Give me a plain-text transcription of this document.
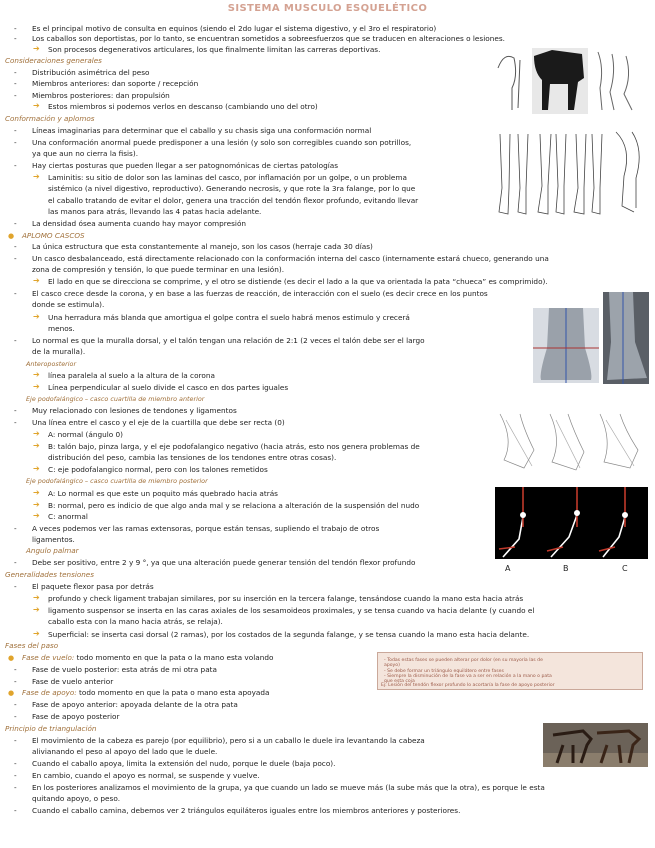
SISTEMA MUSCULO ESQUELÉTICO
- Es el principal motivo de consulta en equinos (siendo el 2do lugar el sistema digestivo, y el 3ro el respiratorio)
- Los caballos son deportistas, por lo tanto, se encuentran sometidos a sobreesfuerzos que se traducen en alteraciones o lesiones.
➔ Son procesos degenerativos articulares, los que finalmente limitan las carreras deportivas.
Consideraciones generales
- Distribución asimétrica del peso
- Miembros anteriores: dan soporte / recepción
- Miembros posteriores: dan propulsión
➔ Estos miembros si podemos verlos en descanso (cambiando uno del otro)
Conformación y aplomos
- Líneas imaginarias para determinar que el caballo y su chasis siga una conformación normal
- Una conformación anormal puede predisponer a una lesión (y solo son corregibles cuando son potrillos,
ya que aun no cierra la fisis).
- Hay ciertas posturas que pueden llegar a ser patognomónicas de ciertas patologías
➔ Laminitis: su sitio de dolor son las laminas del casco, por inflamación por un golpe, o un problema
sistémico (a nivel digestivo, reproductivo). Generando necrosis, y que rote la 3ra falange, por lo que
el caballo tratando de evitar el dolor, genera una tracción del tendón flexor profundo, evitando llevar
las manos para atrás, llevando las 4 patas hacia adelante.
- La densidad ósea aumenta cuando hay mayor compresión
● APLOMO CASCOS
- La única estructura que esta constantemente al manejo, son los casos (herraje cada 30 días)
- Un casco desbalanceado, está directamente relacionado con la conformación interna del casco (internamente estará chueco, generando una
zona de compresión y tensión, lo que puede terminar en una lesión).
➔ El lado en que se direcciona se comprime, y el otro se distiende (es decir el lado a la que va orientada la pata “chueca” es comprimido).
- El casco crece desde la corona, y en base a las fuerzas de reacción, de interacción con el suelo (es decir crece en los puntos
donde se estimula).
➔ Una herradura más blanda que amortigua el golpe contra el suelo habrá menos estimulo y crecerá
menos.
- Lo normal es que la muralla dorsal, y el talón tengan una relación de 2:1 (2 veces el talón debe ser el largo
de la muralla).
Anteroposterior
➔ línea paralela al suelo a la altura de la corona
➔ Línea perpendicular al suelo divide el casco en dos partes iguales
Eje podofalángico – casco cuartilla de miembro anterior
- Muy relacionado con lesiones de tendones y ligamentos
- Una línea entre el casco y el eje de la cuartilla que debe ser recta (0)
➔ A: normal (ángulo 0)
➔ B: talón bajo, pinza larga, y el eje podofalangico negativo (hacia atrás, esto nos genera problemas de
distribución del peso, cambia las tensiones de los tendones entre otras cosas).
➔ C: eje podofalangico normal, pero con los talones remetidos
Eje podofalángico – casco cuartilla de miembro posterior
➔ A: Lo normal es que este un poquito más quebrado hacia atrás
➔ B: normal, pero es indicio de que algo anda mal y se relaciona a alteración de la suspensión del nudo
➔ C: anormal
- A veces podemos ver las ramas extensoras, porque están tensas, supliendo el trabajo de otros
ligamentos.
Angulo palmar
- Debe ser positivo, entre 2 y 9 °, ya que una alteración puede generar tensión del tendón flexor profundo
Generalidades tensiones
- El paquete flexor pasa por detrás
➔ profundo y check ligament trabajan similares, por su inserción en la tercera falange, tensándose cuando la mano esta hacia atrás
➔ ligamento suspensor se inserta en las caras axiales de los sesamoideos proximales, y se tensa cuando va hacia delante (y cuando el
caballo esta con la mano hacia atrás, se relaja).
➔ Superficial: se inserta casi dorsal (2 ramas), por los costados de la segunda falange, y se tensa cuando la mano esta hacia delante.
Fases del paso
● Fase de vuelo: todo momento en que la pata o la mano esta volando
- Fase de vuelo posterior: esta atrás de mi otra pata
- Fase de vuelo anterior
● Fase de apoyo: todo momento en que la pata o mano esta apoyada
- Fase de apoyo anterior: apoyada delante de la otra pata
- Fase de apoyo posterior
- Todas estas fases se pueden alterar por dolor (en su mayoría las de
apoyo)
- Se debe formar un triángulo equilátero entre fases
- Siempre la disminución de la fase va a ser en relación a la mano o pata
que esta coja
Ej: Lesión del tendón flexor profundo lo acortaría la fase de apoyo posterior
Principio de triangulación
- El movimiento de la cabeza es parejo (por equilibrio), pero si a un caballo le duele ira levantando la cabeza
alivianando el peso al apoyo del lado que le duele.
- Cuando el caballo apoya, limita la extensión del nudo, porque le duele (baja poco).
- En cambio, cuando el apoyo es normal, se suspende y vuelve.
- En los posteriores analizamos el movimiento de la grupa, ya que cuando un lado se mueve más (la sube más que la otra), es porque le esta
quitando apoyo, o peso.
- Cuando el caballo camina, debemos ver 2 triángulos equiláteros iguales entre los miembros anteriores y posteriores.
A	B	C
